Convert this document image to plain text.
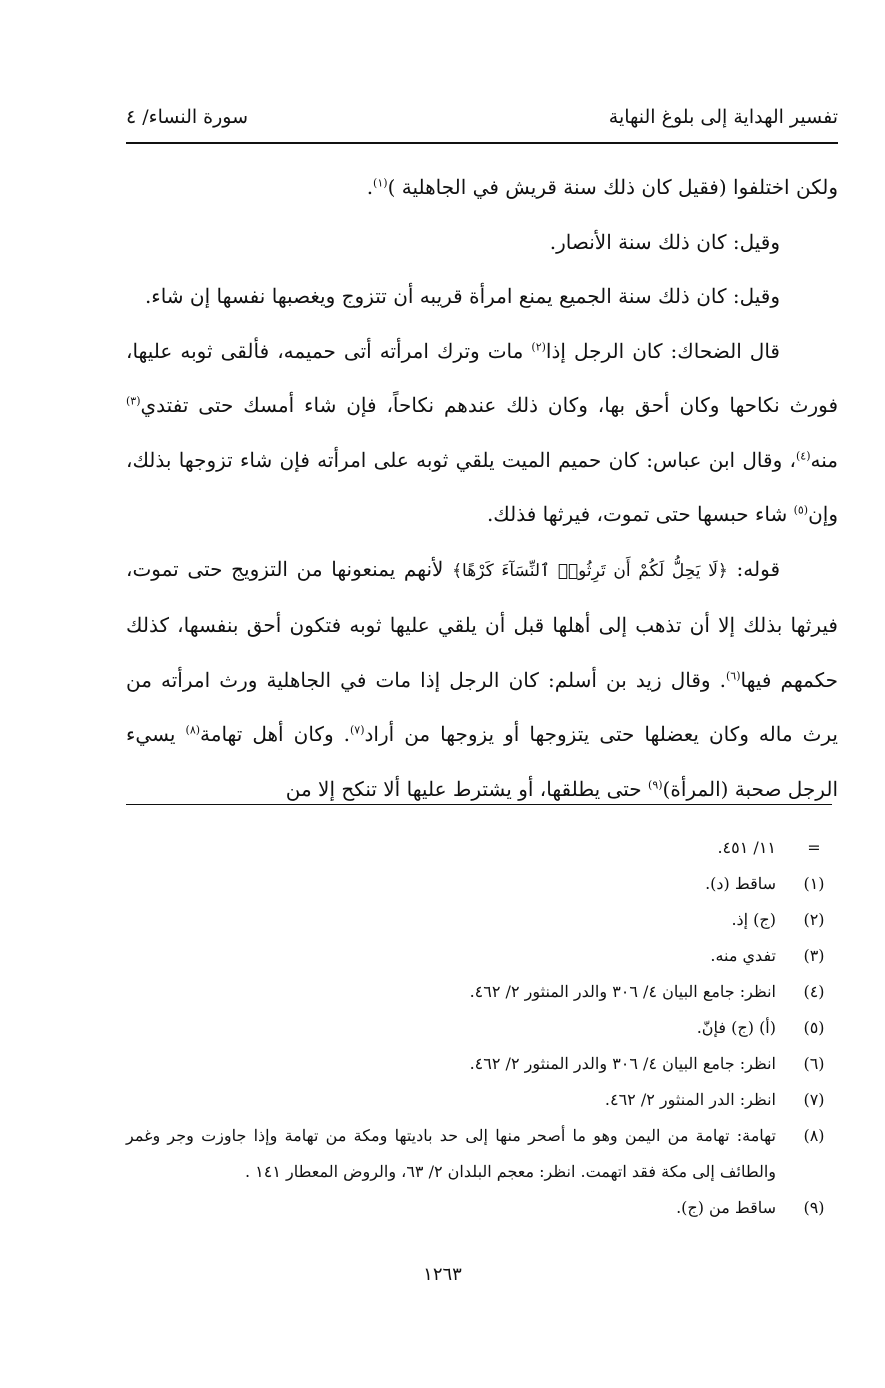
تفسير الهداية إلى بلوغ النهاية
سورة النساء/ ٤

ولكن اختلفوا (فقيل كان ذلك سنة قريش في الجاهلية )$^{(١)}$.

وقيل: كان ذلك سنة الأنصار.

وقيل: كان ذلك سنة الجميع يمنع امرأة قريبه أن تتزوج ويغصبها نفسها إن شاء.

قال الضحاك: كان الرجل إذا$^{(٢)}$ مات وترك امرأته أتى حميمه، فألقى ثوبه عليها، فورث نكاحها وكان أحق بها، وكان ذلك عندهم نكاحاً، فإن شاء أمسك حتى تفتدي$^{(٣)}$ منه$^{(٤)}$، وقال ابن عباس: كان حميم الميت يلقي ثوبه على امرأته فإن شاء تزوجها بذلك، وإن$^{(٥)}$ شاء حبسها حتى تموت، فيرثها فذلك.

قوله: ﴿لَا يَحِلُّ لَكُمْ أَن تَرِثُوا۟ ٱلنِّسَآءَ كَرْهًا﴾ لأنهم يمنعونها من التزويج حتى تموت، فيرثها بذلك إلا أن تذهب إلى أهلها قبل أن يلقي عليها ثوبه فتكون أحق بنفسها، كذلك حكمهم فيها$^{(٦)}$. وقال زيد بن أسلم: كان الرجل إذا مات في الجاهلية ورث امرأته من يرث ماله وكان يعضلها حتى يتزوجها أو يزوجها من أراد$^{(٧)}$. وكان أهل تهامة$^{(٨)}$ يسيء الرجل صحبة (المرأة)$^{(٩)}$ حتى يطلقها، أو يشترط عليها ألا تنكح إلا من

=
١١/ ٤٥١.
(١)
ساقط (د).
(٢)
(ج) إذ.
(٣)
تفدي منه.
(٤)
انظر: جامع البيان ٤/ ٣٠٦ والدر المنثور ٢/ ٤٦٢.
(٥)
(أ) (ج) فإنّ.
(٦)
انظر: جامع البيان ٤/ ٣٠٦ والدر المنثور ٢/ ٤٦٢.
(٧)
انظر: الدر المنثور ٢/ ٤٦٢.
(٨)
تهامة: تهامة من اليمن وهو ما أصحر منها إلى حد باديتها ومكة من تهامة وإذا جاوزت وجر وغمر والطائف إلى مكة فقد اتهمت. انظر: معجم البلدان ٢/ ٦٣، والروض المعطار ١٤١ .
(٩)
ساقط من (ج).
١٢٦٣
